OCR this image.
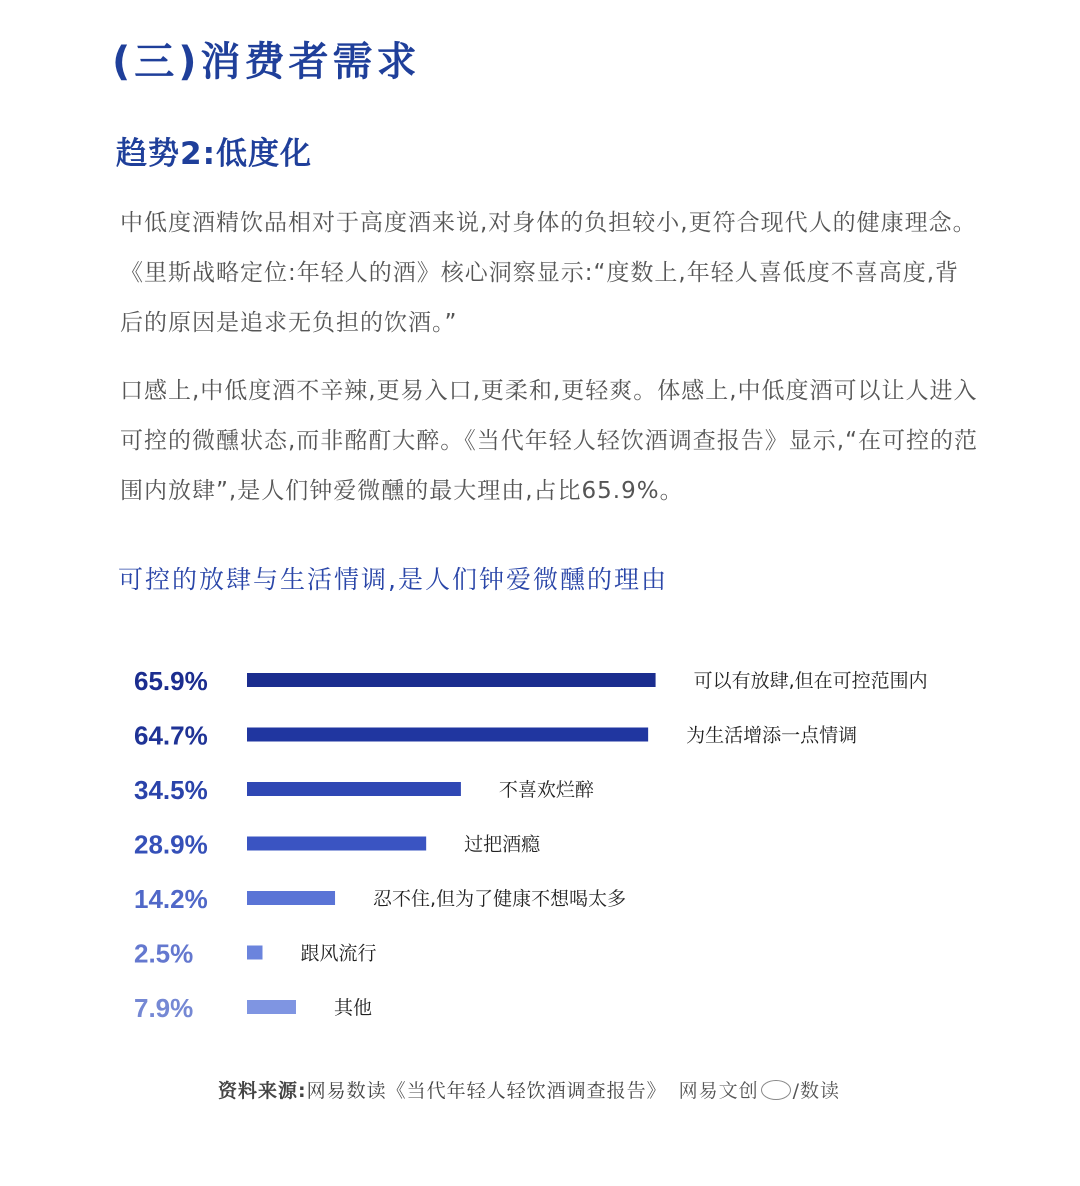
(三)消费者需求
趋势2:低度化
中低度酒精饮品相对于高度酒来说,对身体的负担较小,更符合现代人的健康理念。《里斯战略定位:年轻人的酒》核心洞察显示:“度数上,年轻人喜低度不喜高度,背后的原因是追求无负担的饮酒。”
口感上,中低度酒不辛辣,更易入口,更柔和,更轻爽。体感上,中低度酒可以让人进入可控的微醺状态,而非酩酊大醉。《当代年轻人轻饮酒调查报告》显示,“在可控的范围内放肆”,是人们钟爱微醺的最大理由,占比65.9%。
可控的放肆与生活情调,是人们钟爱微醺的理由
65.9%	可以有放肆,但在可控范围内
64.7%	为生活增添一点情调
34.5%	不喜欢烂醉
28.9%	过把酒瘾
14.2%	忍不住,但为了健康不想喝太多
2.5%	跟风流行
7.9%	其他
资料来源: 网易数读《当代年轻人轻饮酒调查报告》 网易文创 /数读
